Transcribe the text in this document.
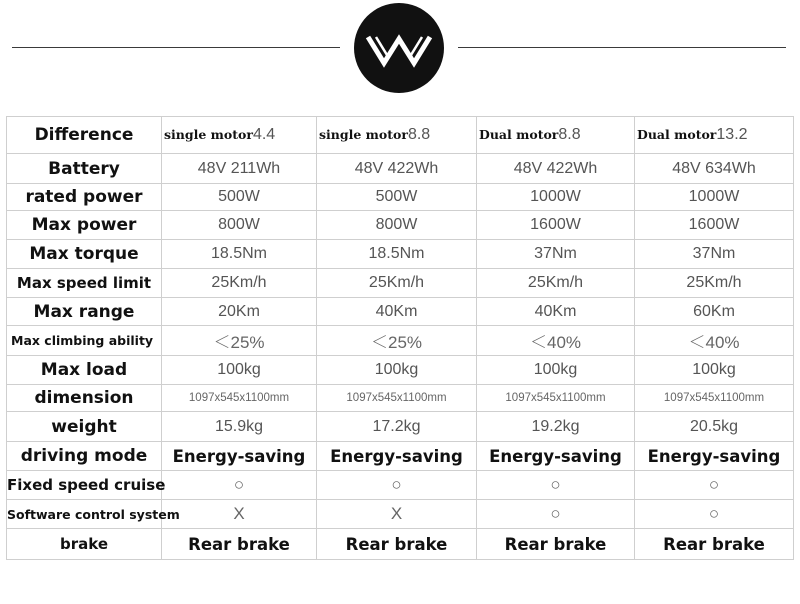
Difference	single motor4.4	single motor8.8	Dual motor8.8	Dual motor13.2
Battery	48V 211Wh	48V 422Wh	48V 422Wh	48V 634Wh
rated power	500W	500W	1000W	1000W
Max power	800W	800W	1600W	1600W
Max torque	18.5Nm	18.5Nm	37Nm	37Nm
Max speed limit	25Km/h	25Km/h	25Km/h	25Km/h
Max range	20Km	40Km	40Km	60Km
Max climbing ability	＜25%	＜25%	＜40%	＜40%
Max load	100kg	100kg	100kg	100kg
dimension	1097x545x1100mm	1097x545x1100mm	1097x545x1100mm	1097x545x1100mm
weight	15.9kg	17.2kg	19.2kg	20.5kg
driving mode	Energy-saving	Energy-saving	Energy-saving	Energy-saving
Fixed speed cruise	○	○	○	○
Software control system	X	X	○	○
brake	Rear brake	Rear brake	Rear brake	Rear brake
